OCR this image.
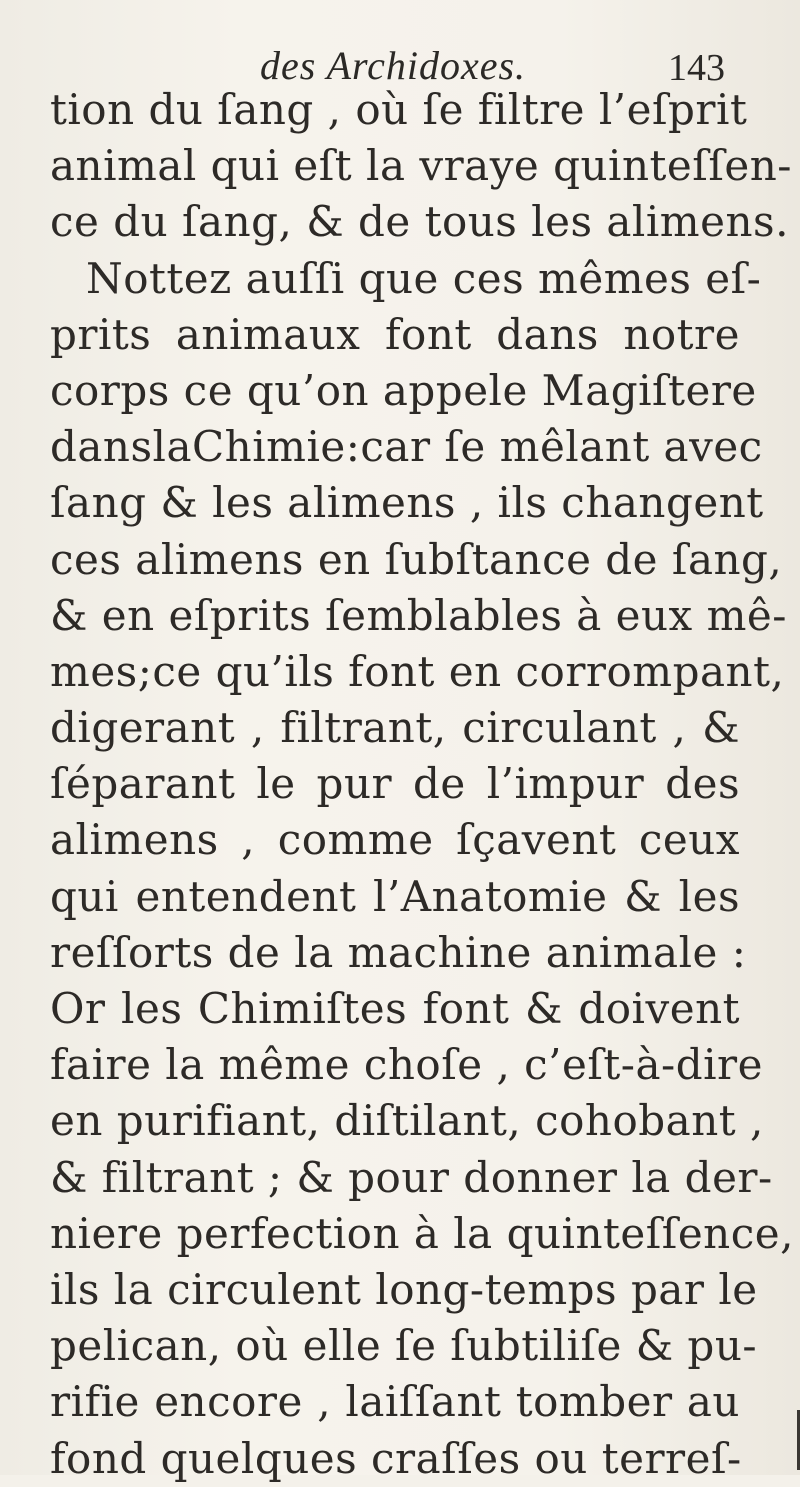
des Archidoxes.	143
tion du ſang , où ſe filtre l’eſprit
animal qui eſt la vraye quinteſſen-
ce du ſang, & de tous les alimens.
Nottez auſſi que ces mêmes eſ-
prits animaux font dans notre
corps ce qu’on appele Magiſtere
danslaChimie:car ſe mêlant avec
ſang & les alimens , ils changent
ces alimens en ſubſtance de ſang,
& en eſprits ſemblables à eux mê-
mes;ce qu’ils font en corrompant,
digerant , filtrant, circulant , &
ſéparant le pur de l’impur des
alimens , comme ſçavent ceux
qui entendent l’Anatomie & les
reſſorts de la machine animale :
Or les Chimiſtes font & doivent
faire la même choſe , c’eſt-à-dire
en purifiant, diſtilant, cohobant ,
& filtrant ; & pour donner la der-
niere perfection à la quinteſſence,
ils la circulent long-temps par le
pelican, où elle ſe ſubtiliſe & pu-
rifie encore , laiſſant tomber au
fond quelques craſſes ou terreſ-
